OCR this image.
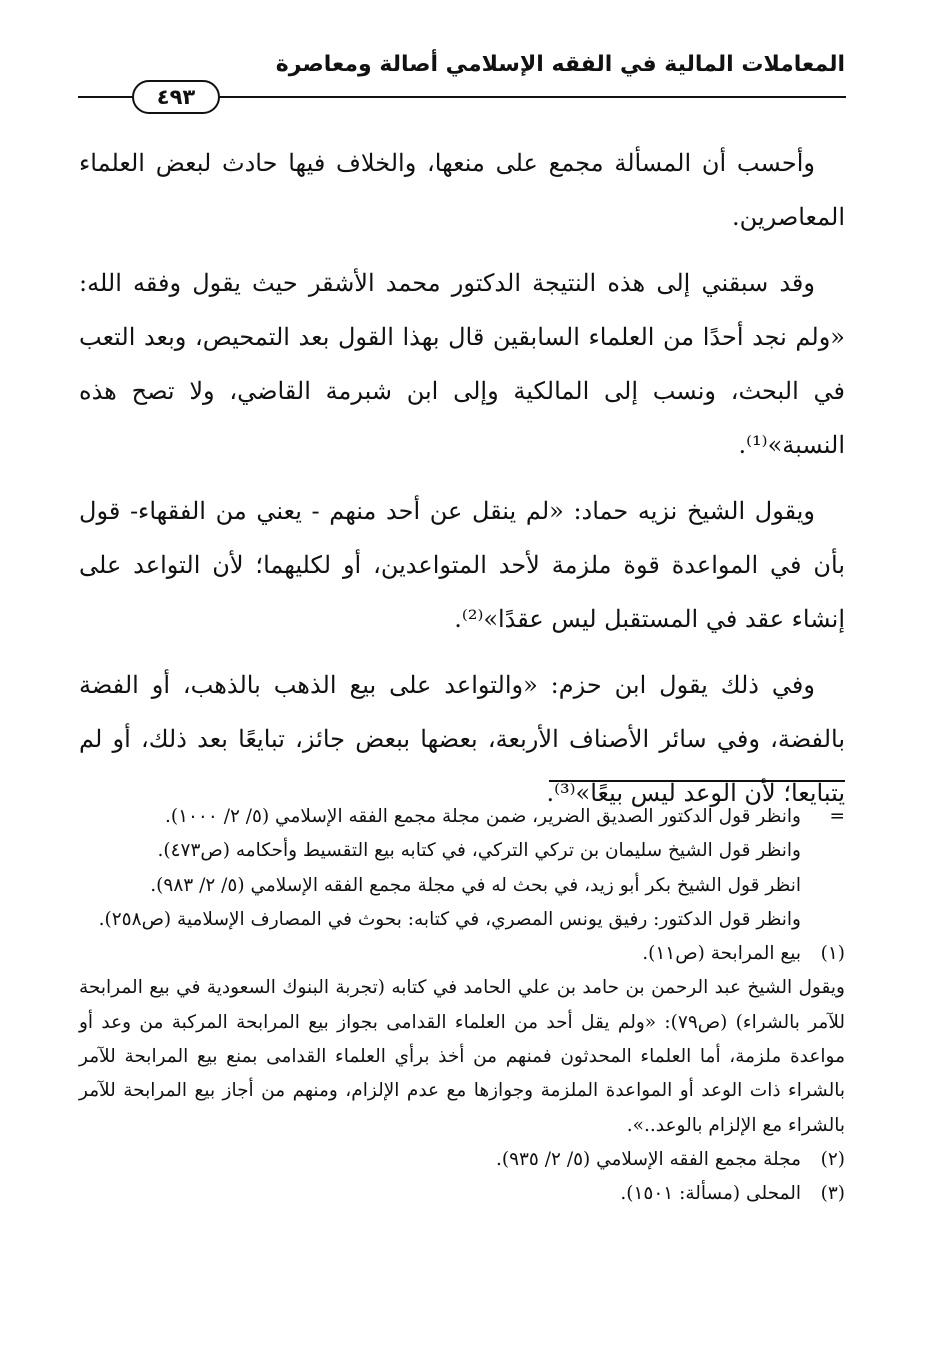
المعاملات المالية في الفقه الإسلامي أصالة ومعاصرة
٤٩٣

وأحسب أن المسألة مجمع على منعها، والخلاف فيها حادث لبعض العلماء المعاصرين.

وقد سبقني إلى هذه النتيجة الدكتور محمد الأشقر حيث يقول وفقه الله: «ولم نجد أحدًا من العلماء السابقين قال بهذا القول بعد التمحيص، وبعد التعب في البحث، ونسب إلى المالكية وإلى ابن شبرمة القاضي، ولا تصح هذه النسبة»⁽¹⁾.

ويقول الشيخ نزيه حماد: «لم ينقل عن أحد منهم - يعني من الفقهاء- قول بأن في المواعدة قوة ملزمة لأحد المتواعدين، أو لكليهما؛ لأن التواعد على إنشاء عقد في المستقبل ليس عقدًا»⁽²⁾.

وفي ذلك يقول ابن حزم: «والتواعد على بيع الذهب بالذهب، أو الفضة بالفضة، وفي سائر الأصناف الأربعة، بعضها ببعض جائز، تبايعًا بعد ذلك، أو لم يتبايعا؛ لأن الوعد ليس بيعًا»⁽³⁾.

=

وانظر قول الدكتور الصديق الضرير، ضمن مجلة مجمع الفقه الإسلامي (٥/ ٢/ ١٠٠٠).

وانظر قول الشيخ سليمان بن تركي التركي، في كتابه بيع التقسيط وأحكامه (ص٤٧٣).

انظر قول الشيخ بكر أبو زيد، في بحث له في مجلة مجمع الفقه الإسلامي (٥/ ٢/ ٩٨٣).

وانظر قول الدكتور: رفيق يونس المصري، في كتابه: بحوث في المصارف الإسلامية (ص٢٥٨).

(١)

بيع المرابحة (ص١١).

ويقول الشيخ عبد الرحمن بن حامد بن علي الحامد في كتابه (تجربة البنوك السعودية في بيع المرابحة للآمر بالشراء) (ص٧٩): «ولم يقل أحد من العلماء القدامى بجواز بيع المرابحة المركبة من وعد أو مواعدة ملزمة، أما العلماء المحدثون فمنهم من أخذ برأي العلماء القدامى بمنع بيع المرابحة للآمر بالشراء ذات الوعد أو المواعدة الملزمة وجوازها مع عدم الإلزام، ومنهم من أجاز بيع المرابحة للآمر بالشراء مع الإلزام بالوعد..».

(٢)

مجلة مجمع الفقه الإسلامي (٥/ ٢/ ٩٣٥).

(٣)

المحلى (مسألة: ١٥٠١).
